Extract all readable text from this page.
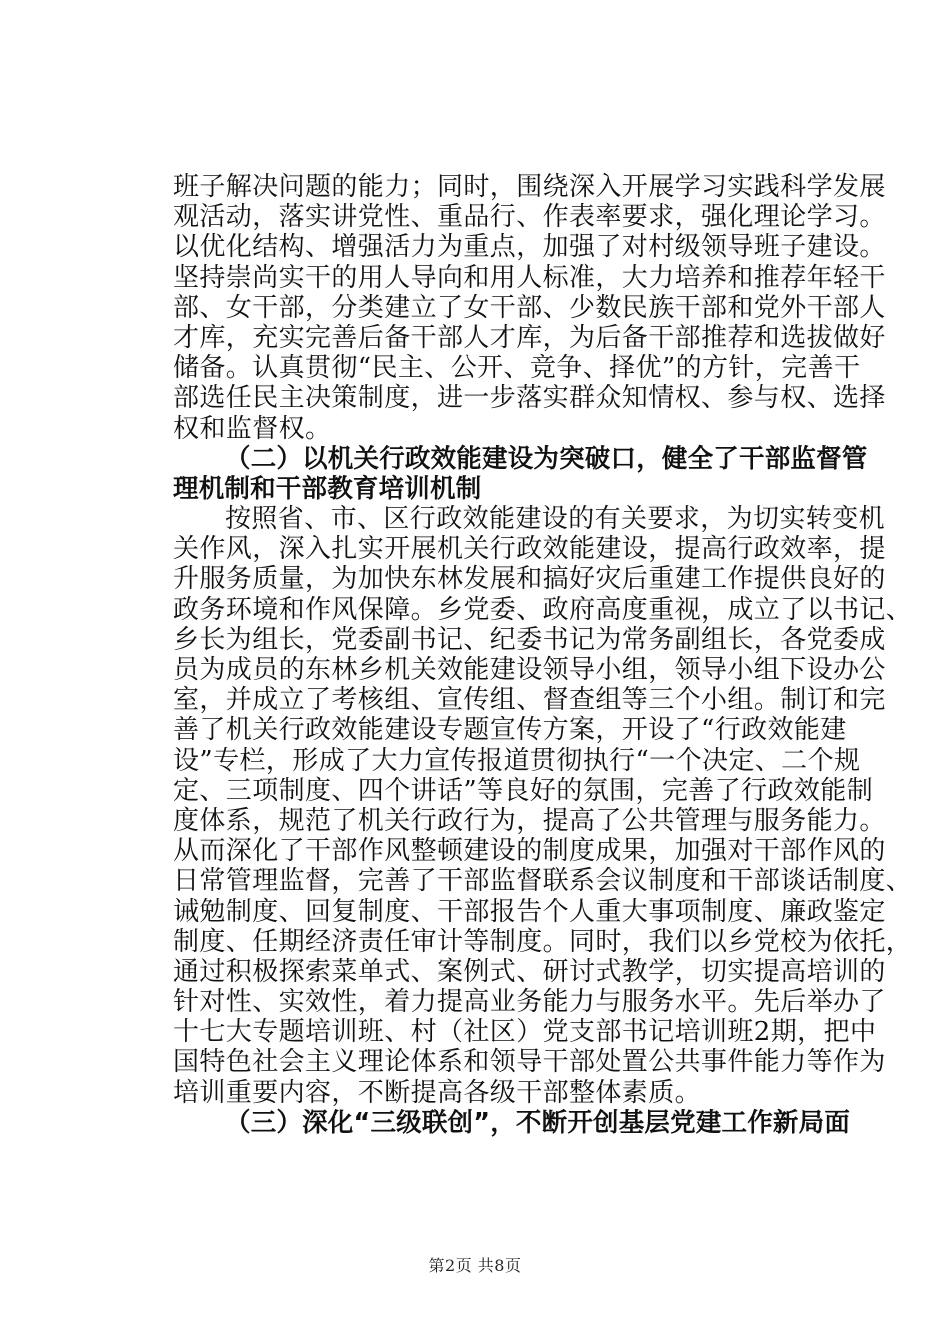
班子解决问题的能力；同时，围绕深入开展学习实践科学发展

观活动，落实讲党性、重品行、作表率要求，强化理论学习。

以优化结构、增强活力为重点，加强了对村级领导班子建设。

坚持崇尚实干的用人导向和用人标准，大力培养和推荐年轻干

部、女干部，分类建立了女干部、少数民族干部和党外干部人

才库，充实完善后备干部人才库，为后备干部推荐和选拔做好

储备。认真贯彻“民主、公开、竞争、择优”的方针，完善干

部选任民主决策制度，进一步落实群众知情权、参与权、选择

权和监督权。

（二）以机关行政效能建设为突破口，健全了干部监督管

理机制和干部教育培训机制

按照省、市、区行政效能建设的有关要求，为切实转变机

关作风，深入扎实开展机关行政效能建设，提高行政效率，提

升服务质量，为加快东林发展和搞好灾后重建工作提供良好的

政务环境和作风保障。乡党委、政府高度重视，成立了以书记、

乡长为组长，党委副书记、纪委书记为常务副组长，各党委成

员为成员的东林乡机关效能建设领导小组，领导小组下设办公

室，并成立了考核组、宣传组、督查组等三个小组。制订和完

善了机关行政效能建设专题宣传方案，开设了“行政效能建

设”专栏，形成了大力宣传报道贯彻执行“一个决定、二个规

定、三项制度、四个讲话”等良好的氛围，完善了行政效能制

度体系，规范了机关行政行为，提高了公共管理与服务能力。

从而深化了干部作风整顿建设的制度成果，加强对干部作风的

日常管理监督，完善了干部监督联系会议制度和干部谈话制度、

诫勉制度、回复制度、干部报告个人重大事项制度、廉政鉴定

制度、任期经济责任审计等制度。同时，我们以乡党校为依托，

通过积极探索菜单式、案例式、研讨式教学，切实提高培训的

针对性、实效性，着力提高业务能力与服务水平。先后举办了

十七大专题培训班、村（社区）党支部书记培训班2期，把中

国特色社会主义理论体系和领导干部处置公共事件能力等作为

培训重要内容，不断提高各级干部整体素质。

（三）深化“三级联创”，不断开创基层党建工作新局面

第2页 共8页
